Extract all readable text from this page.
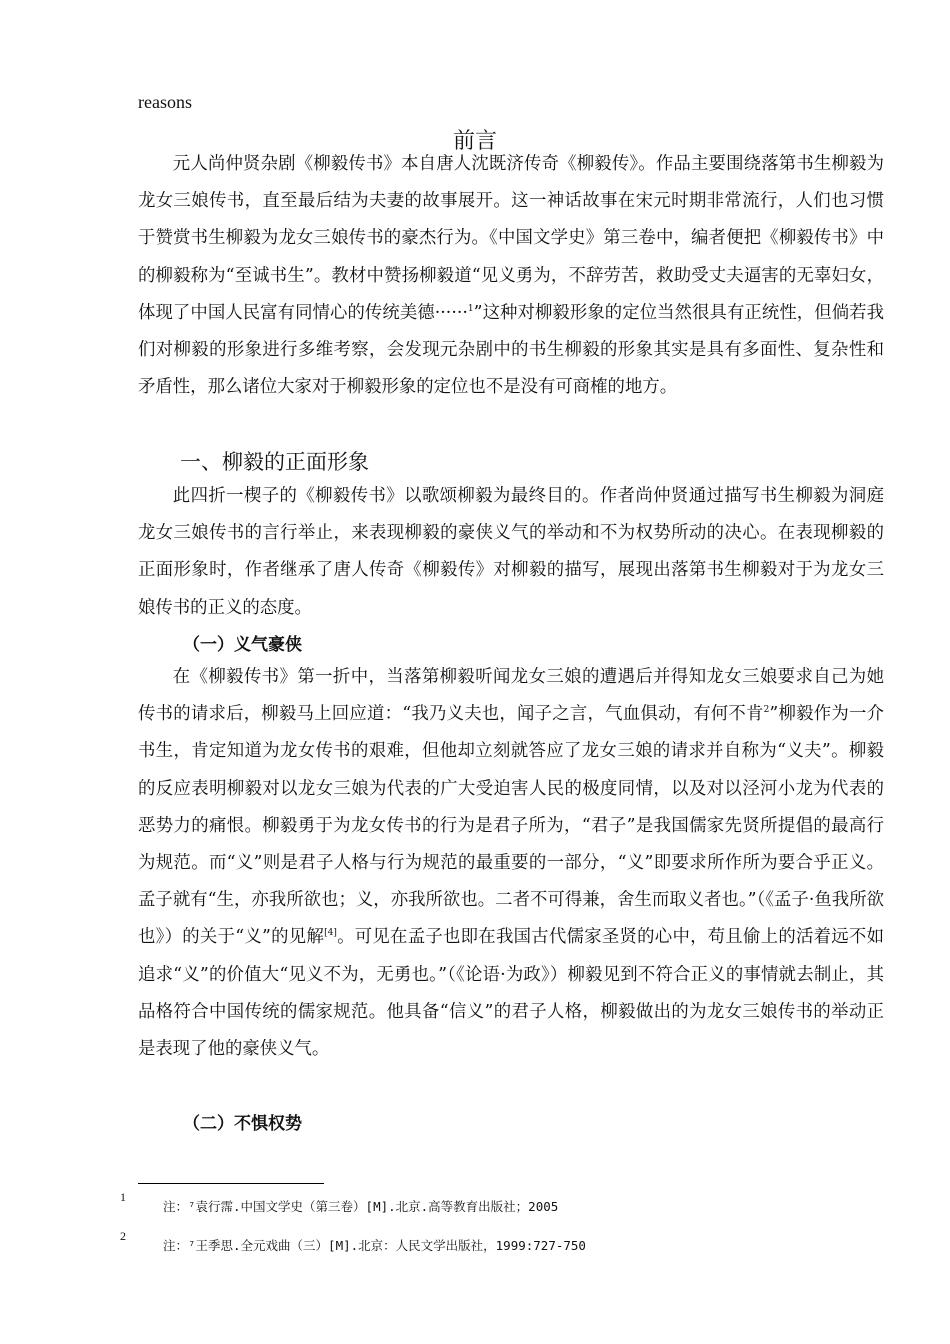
reasons
前言
元人尚仲贤杂剧《柳毅传书》本自唐人沈既济传奇《柳毅传》。作品主要围绕落第书生柳毅为龙女三娘传书，直至最后结为夫妻的故事展开。这一神话故事在宋元时期非常流行，人们也习惯于赞赏书生柳毅为龙女三娘传书的豪杰行为。《中国文学史》第三卷中，编者便把《柳毅传书》中的柳毅称为“至诚书生”。教材中赞扬柳毅道“见义勇为，不辞劳苦，救助受丈夫逼害的无辜妇女，体现了中国人民富有同情心的传统美德······$^1$”这种对柳毅形象的定位当然很具有正统性，但倘若我们对柳毅的形象进行多维考察，会发现元杂剧中的书生柳毅的形象其实是具有多面性、复杂性和矛盾性，那么诸位大家对于柳毅形象的定位也不是没有可商榷的地方。
一、柳毅的正面形象
此四折一楔子的《柳毅传书》以歌颂柳毅为最终目的。作者尚仲贤通过描写书生柳毅为洞庭龙女三娘传书的言行举止，来表现柳毅的豪侠义气的举动和不为权势所动的决心。在表现柳毅的正面形象时，作者继承了唐人传奇《柳毅传》对柳毅的描写，展现出落第书生柳毅对于为龙女三娘传书的正义的态度。
（一）义气豪侠
在《柳毅传书》第一折中，当落第柳毅听闻龙女三娘的遭遇后并得知龙女三娘要求自己为她传书的请求后，柳毅马上回应道：“我乃义夫也，闻子之言，气血俱动，有何不肯$^2$”柳毅作为一介书生，肯定知道为龙女传书的艰难，但他却立刻就答应了龙女三娘的请求并自称为“义夫”。柳毅的反应表明柳毅对以龙女三娘为代表的广大受迫害人民的极度同情，以及对以泾河小龙为代表的恶势力的痛恨。柳毅勇于为龙女传书的行为是君子所为，“君子”是我国儒家先贤所提倡的最高行为规范。而“义”则是君子人格与行为规范的最重要的一部分，“义”即要求所作所为要合乎正义。孟子就有“生，亦我所欲也；义，亦我所欲也。二者不可得兼，舍生而取义者也。”（《孟子·鱼我所欲也》）的关于“义”的见解[4]。可见在孟子也即在我国古代儒家圣贤的心中，苟且偷上的活着远不如追求“义”的价值大“见义不为，无勇也。”（《论语·为政》）柳毅见到不符合正义的事情就去制止，其品格符合中国传统的儒家规范。他具备“信义”的君子人格，柳毅做出的为龙女三娘传书的举动正是表现了他的豪侠义气。
（二）不惧权势
1
注：⁷袁行霈.中国文学史（第三卷）[M].北京.高等教育出版社；2005
2
注：⁷王季思.全元戏曲（三）[M].北京：人民文学出版社，1999:727-750
